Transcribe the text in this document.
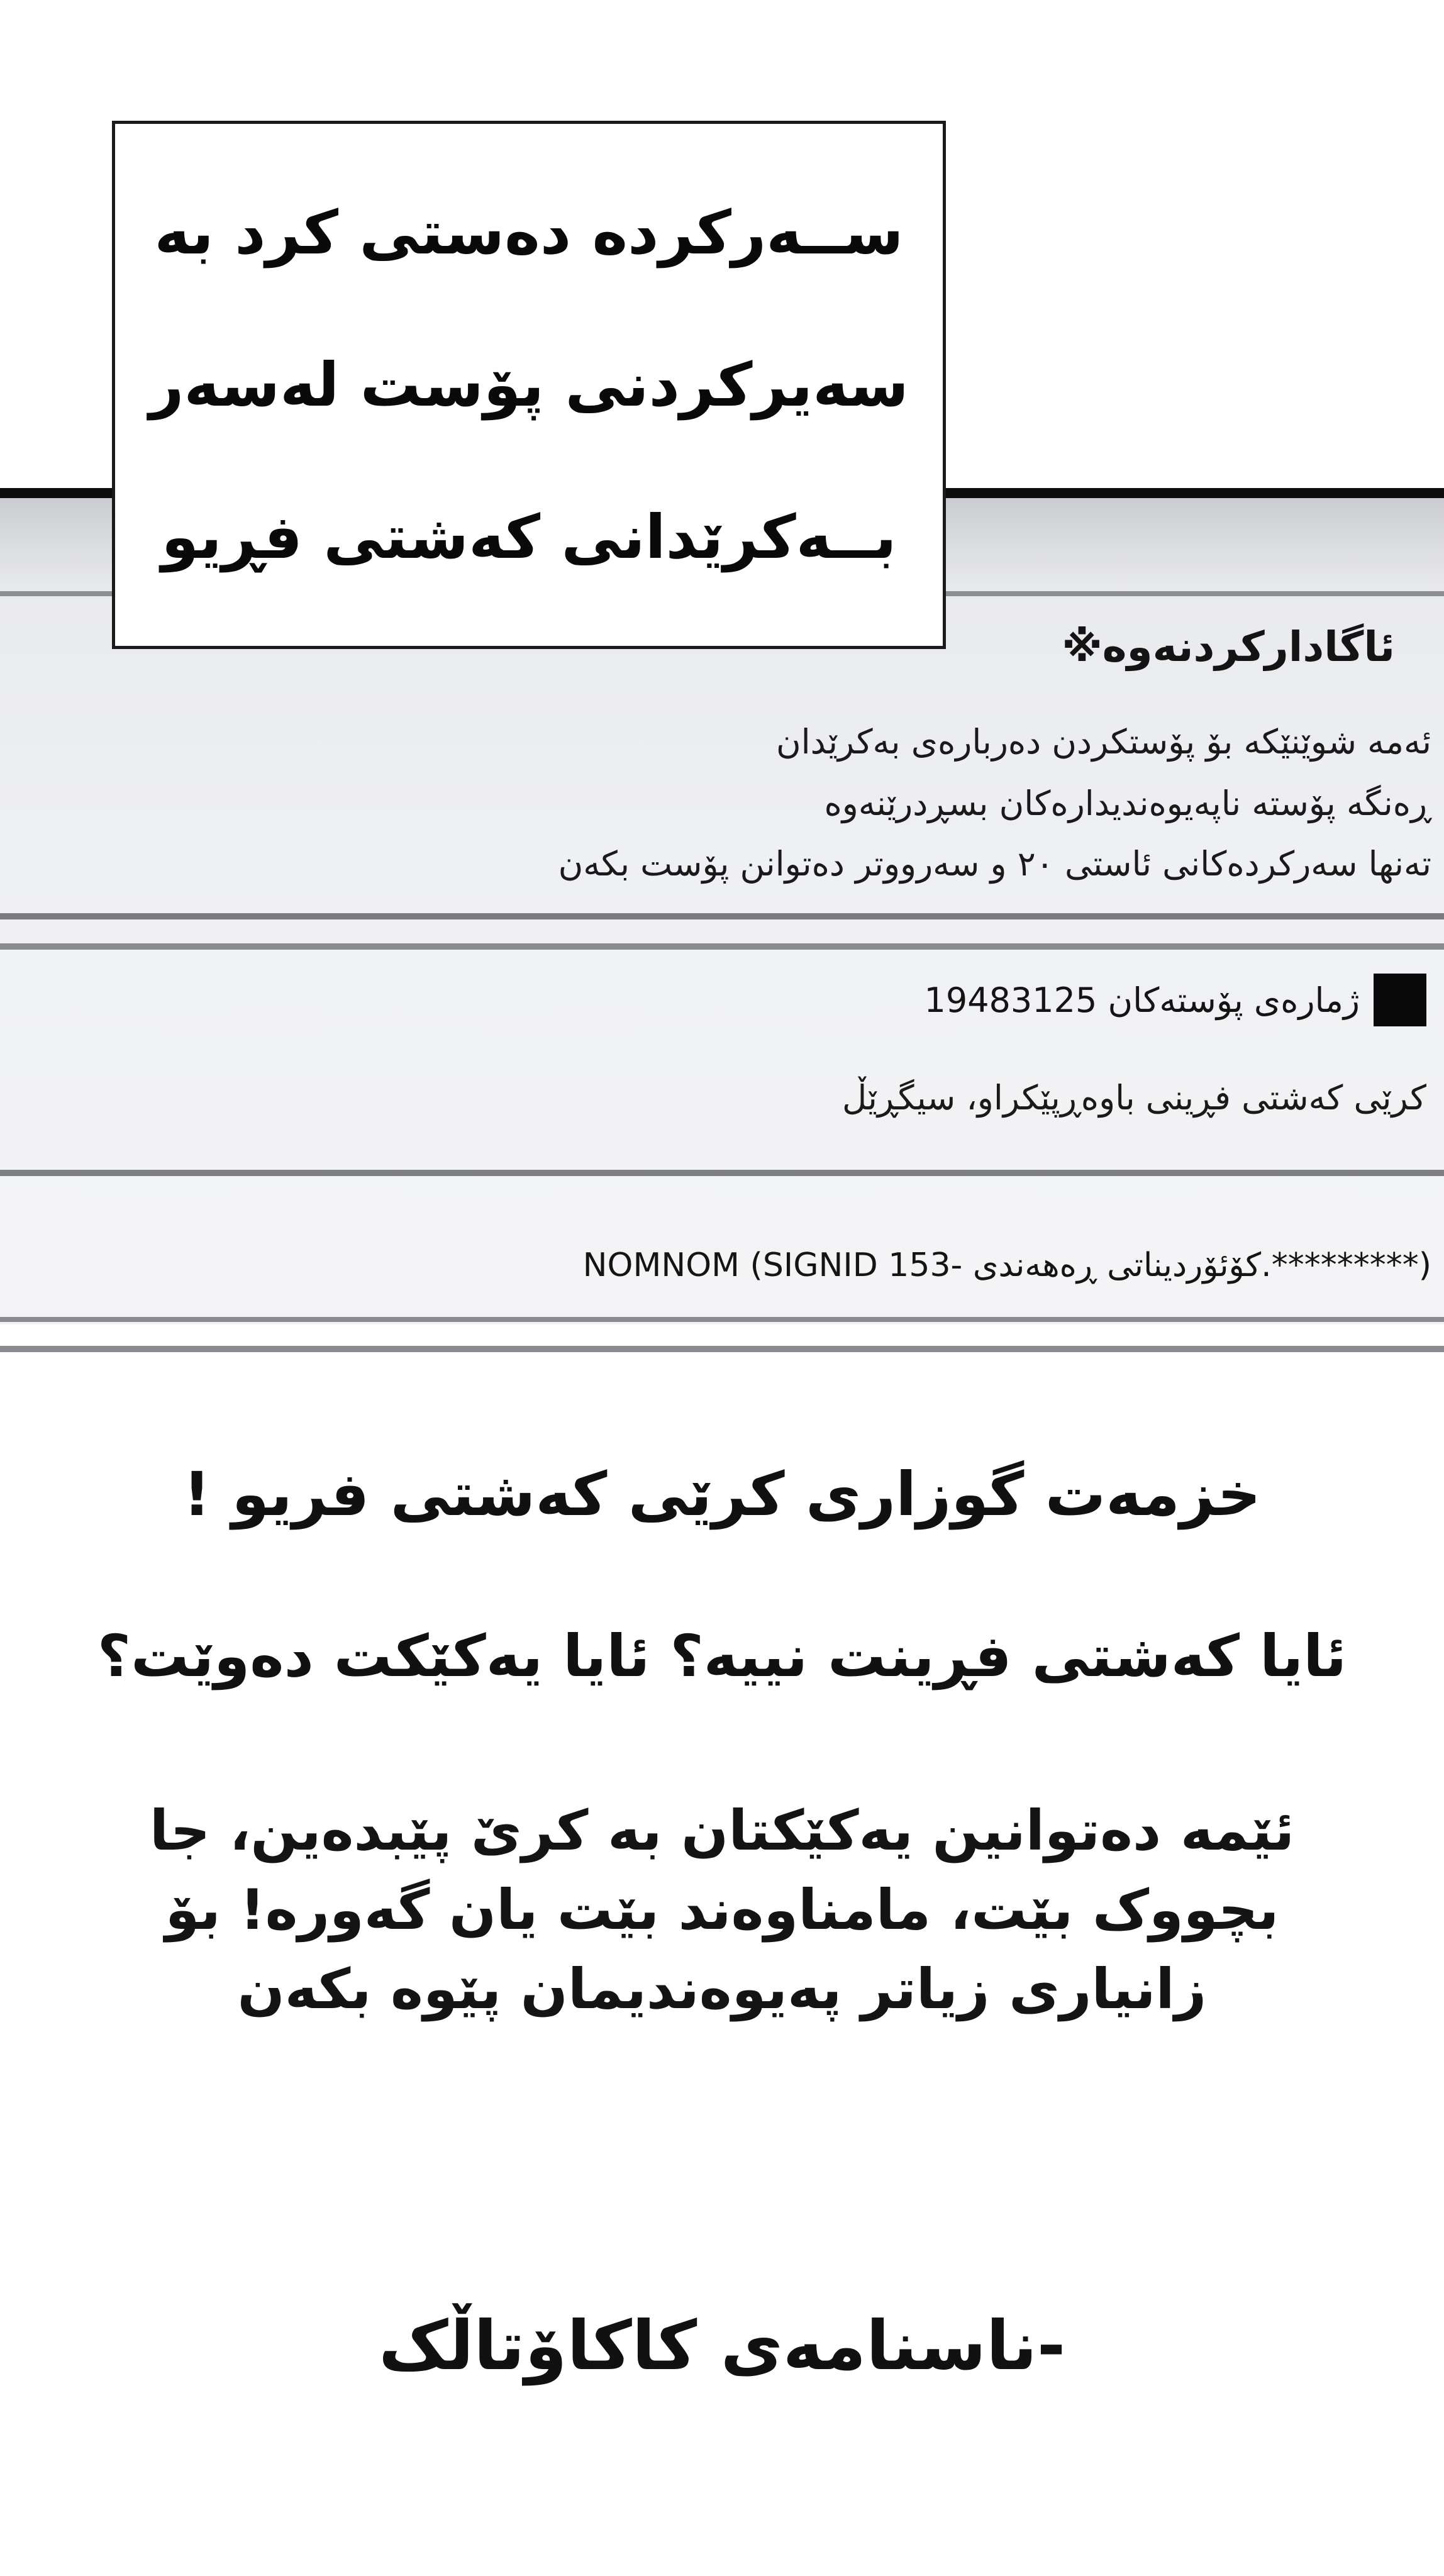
ســەرکردە دەستی کرد بە
سەیرکردنی پۆست لەسەر
بــەکرێدانی کەشتی فڕیو
ئاگادارکردنەوە※
ئەمە شوێنێکە بۆ پۆستکردن دەربارەی بەکرێدان
ڕەنگە پۆستە ناپەیوەندیدارەکان بسڕدرێنەوە
تەنها سەرکردەکانی ئاستی ٢٠ و سەرووتر دەتوانن پۆست بکەن
ژمارەی پۆستەکان 19483125
کرێی کەشتی فڕینی باوەڕپێکراو، سیگڕێڵ
NOMNOM (SIGNID 153- کۆئۆردیناتی ڕەهەندی.*********)
خزمەت گوزاری کرێی کەشتی فریو !
ئایا کەشتی فڕینت نییە؟ ئایا یەکێکت دەوێت؟
ئێمە دەتوانین یەکێکتان بە کرێ پێبدەین، جا
بچووک بێت، مامناوەند بێت یان گەورە! بۆ
زانیاری زیاتر پەیوەندیمان پێوە بکەن
-ناسنامەی کاکاۆتاڵک
